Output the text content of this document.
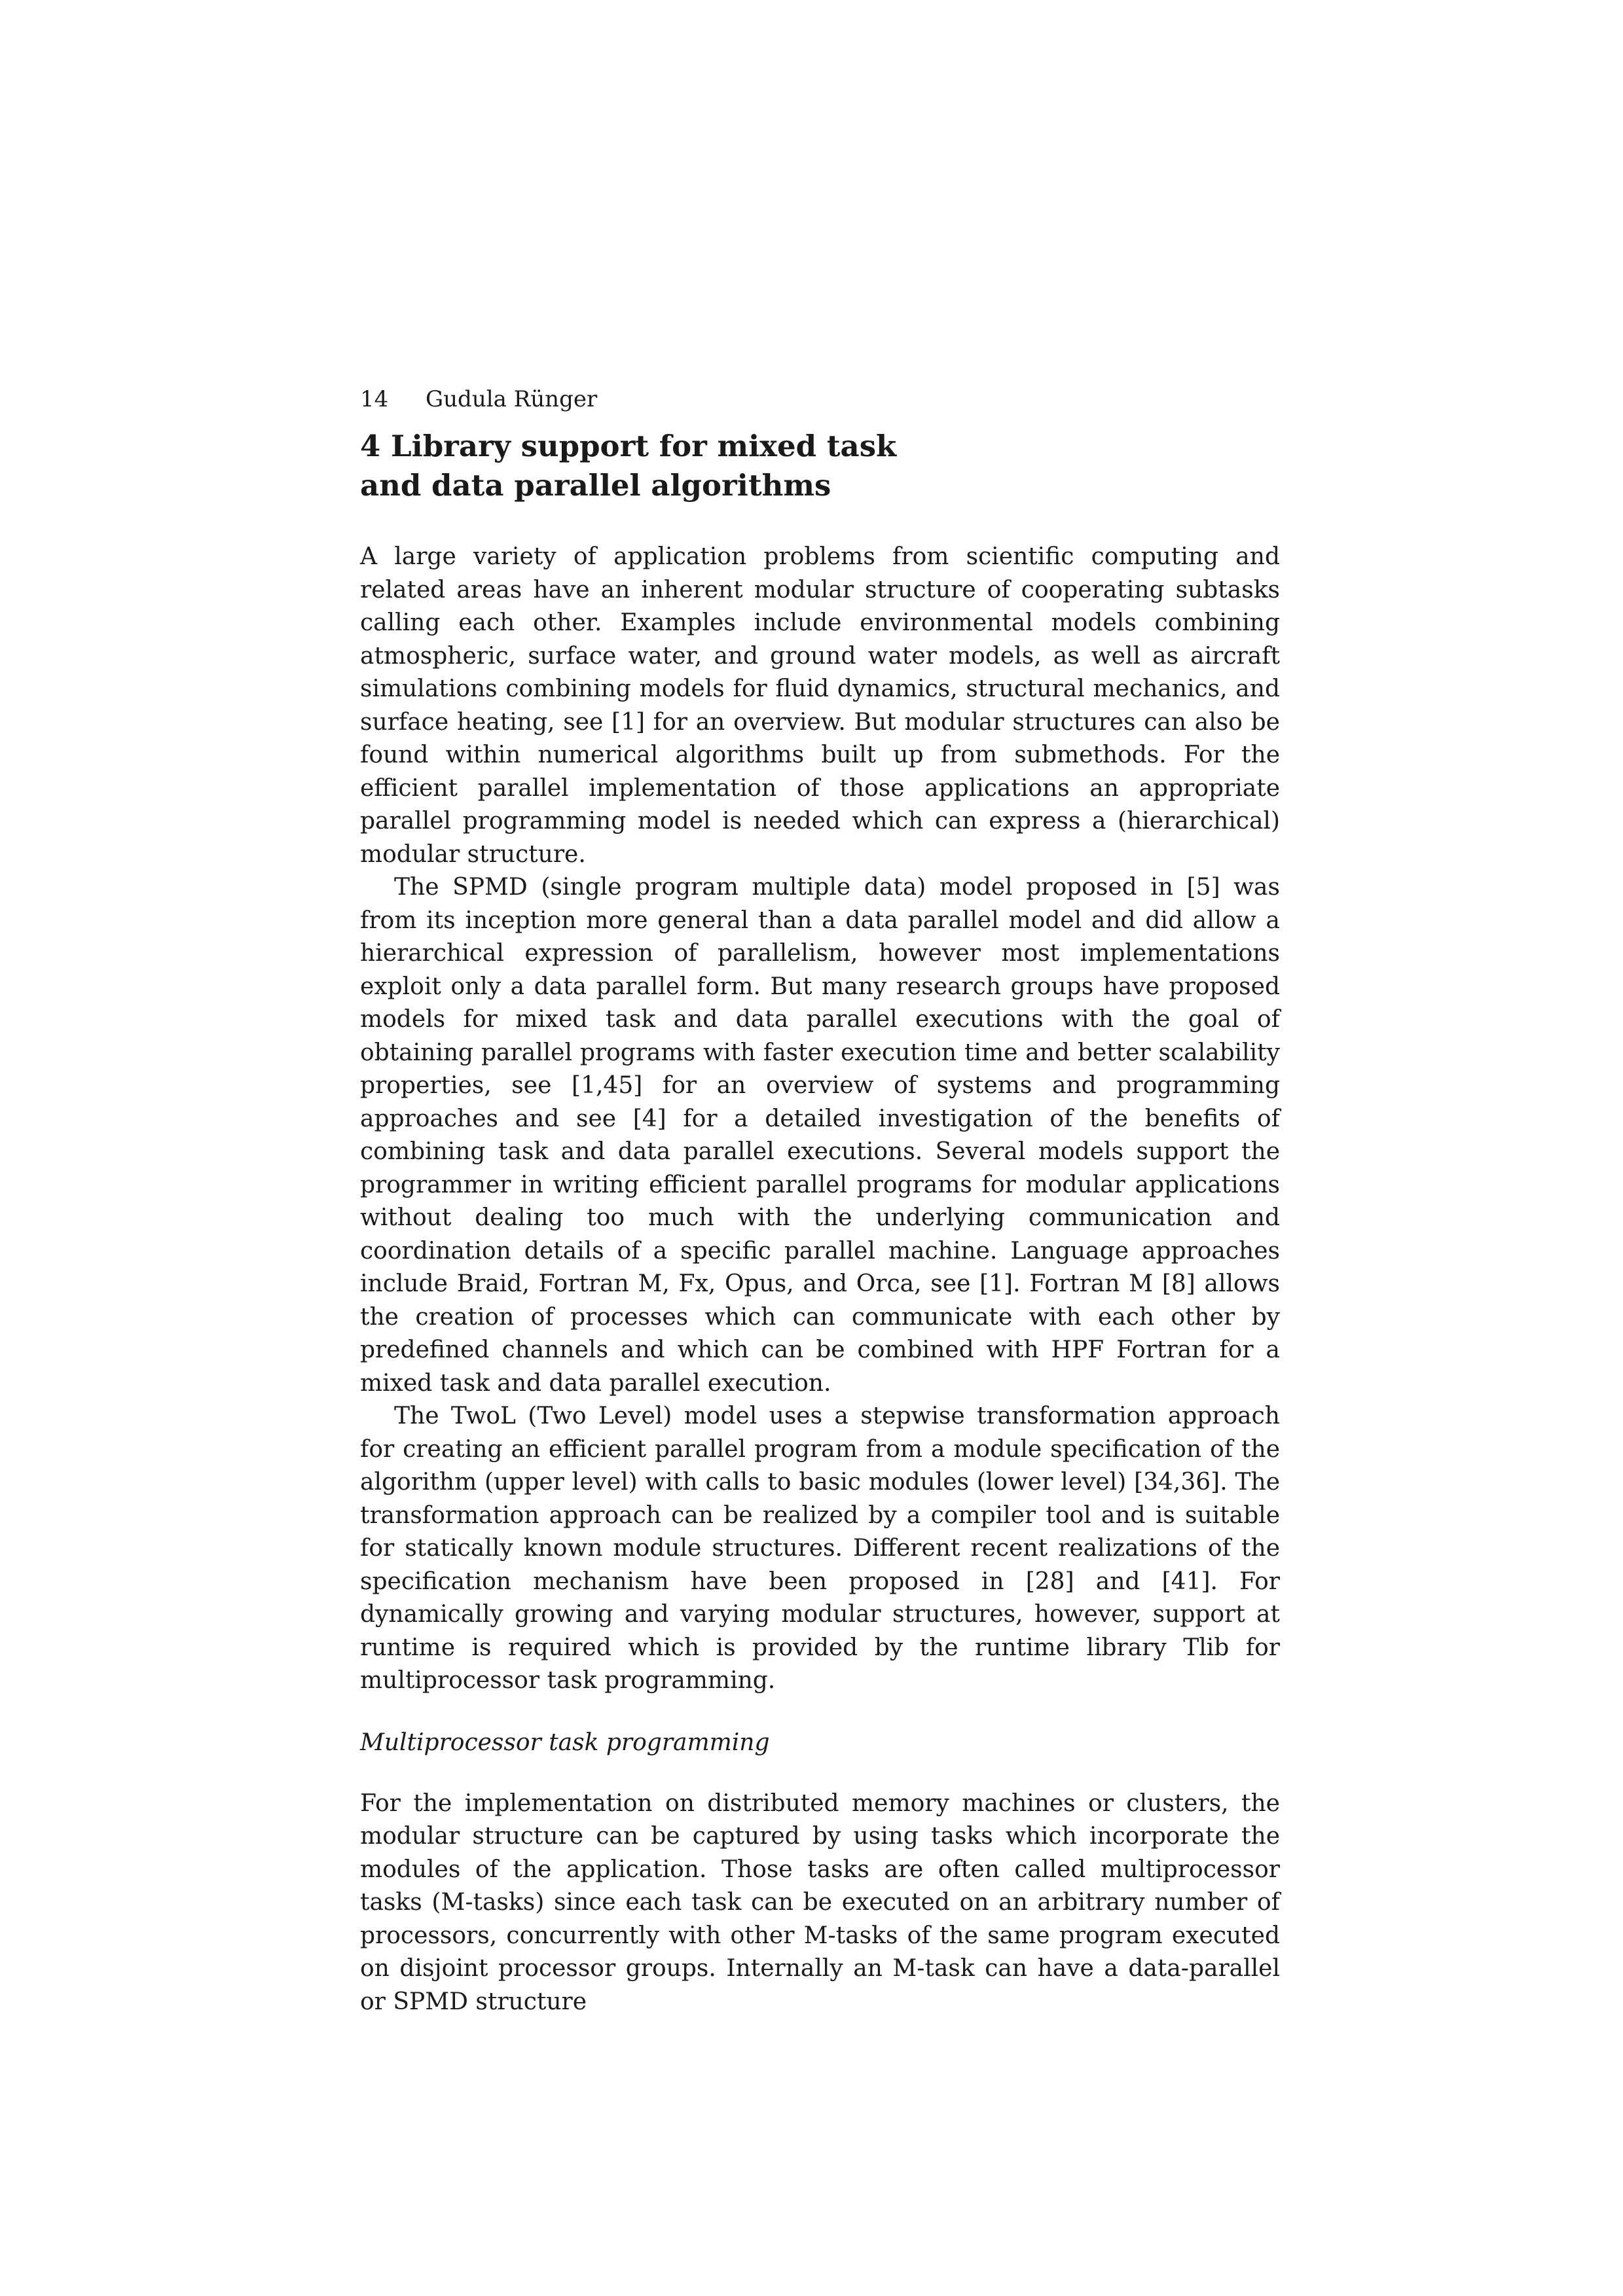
14 Gudula Rünger
4 Library support for mixed task
and data parallel algorithms

A large variety of application problems from scientific computing and related areas have an inherent modular structure of cooperating subtasks calling each other. Examples include environmental models combining atmospheric, surface water, and ground water models, as well as aircraft simulations combining models for fluid dynamics, structural mechanics, and surface heating, see [1] for an overview. But modular structures can also be found within numerical algorithms built up from submethods. For the efficient parallel implementation of those applications an appropriate parallel programming model is needed which can express a (hierarchical) modular structure.

The SPMD (single program multiple data) model proposed in [5] was from its inception more general than a data parallel model and did allow a hierarchical expression of parallelism, however most implementations exploit only a data parallel form. But many research groups have proposed models for mixed task and data parallel executions with the goal of obtaining parallel programs with faster execution time and better scalability properties, see [1,45] for an overview of systems and programming approaches and see [4] for a detailed investigation of the benefits of combining task and data parallel executions. Several models support the programmer in writing efficient parallel programs for modular applications without dealing too much with the underlying communication and coordination details of a specific parallel machine. Language approaches include Braid, Fortran M, Fx, Opus, and Orca, see [1]. Fortran M [8] allows the creation of processes which can communicate with each other by predefined channels and which can be combined with HPF Fortran for a mixed task and data parallel execution.

The TwoL (Two Level) model uses a stepwise transformation approach for creating an efficient parallel program from a module specification of the algorithm (upper level) with calls to basic modules (lower level) [34,36]. The transformation approach can be realized by a compiler tool and is suitable for statically known module structures. Different recent realizations of the specification mechanism have been proposed in [28] and [41]. For dynamically growing and varying modular structures, however, support at runtime is required which is provided by the runtime library Tlib for multiprocessor task programming.

Multiprocessor task programming

For the implementation on distributed memory machines or clusters, the modular structure can be captured by using tasks which incorporate the modules of the application. Those tasks are often called multiprocessor tasks (M-tasks) since each task can be executed on an arbitrary number of processors, concurrently with other M-tasks of the same program executed on disjoint processor groups. Internally an M-task can have a data-parallel or SPMD structure
